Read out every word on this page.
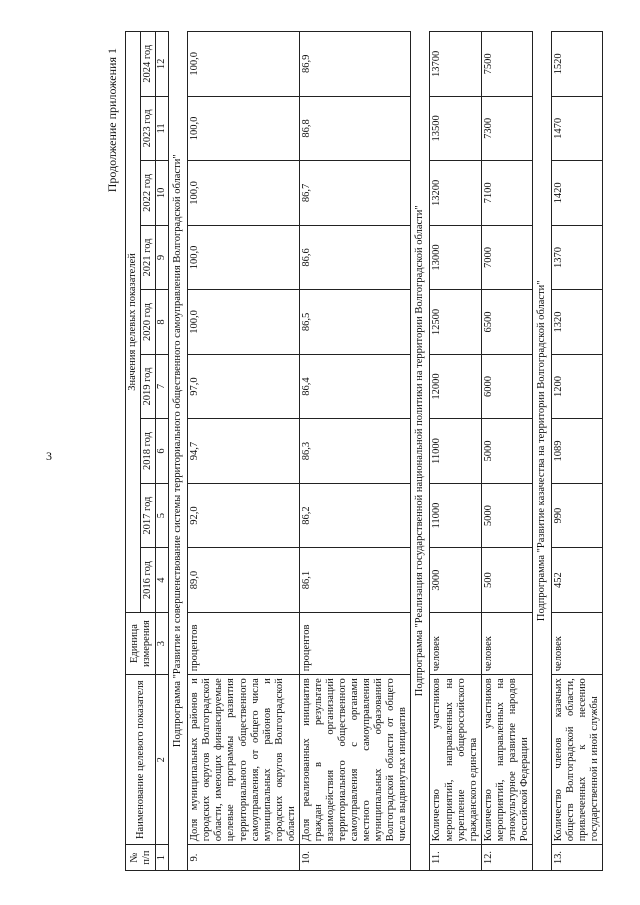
3
Продолжение приложения 1
№ п/п	Наименование целевого показателя	Единица измерения	Значения целевых показателей								
			2016 год	2017 год	2018 год	2019 год	2020 год	2021 год	2022 год	2023 год	2024 год
1	2	3	4	5	6	7	8	9	10	11	12
Подпрограмма "Развитие и совершенствование системы территориального общественного самоуправления Волгоградской области"											
9.	Доля муниципальных районов и городских округов Волгоградской области, имеющих финансируемые целевые программы развития территориального общественного самоуправления, от общего числа муниципальных районов и городских округов Волгоградской области	процентов	89,0	92,0	94,7	97,0	100,0	100,0	100,0	100,0	100,0
10.	Доля реализованных инициатив граждан в результате взаимодействия организаций территориального общественного самоуправления с органами местного самоуправления муниципальных образований Волгоградской области от общего числа выдвинутых инициатив	процентов	86,1	86,2	86,3	86,4	86,5	86,6	86,7	86,8	86,9
Подпрограмма "Реализация государственной национальной политики на территории Волгоградской области"											
11.	Количество участников мероприятий, направленных на укрепление общероссийского гражданского единства	человек	3000	11000	11000	12000	12500	13000	13200	13500	13700
12.	Количество участников мероприятий, направленных на этнокультурное развитие народов Российской Федерации	человек	500	5000	5000	6000	6500	7000	7100	7300	7500
Подпрограмма "Развитие казачества на территории Волгоградской области"											
13.	Количество членов казачьих обществ Волгоградской области, привлеченных к несению государственной и иной службы	человек	452	990	1089	1200	1320	1370	1420	1470	1520
